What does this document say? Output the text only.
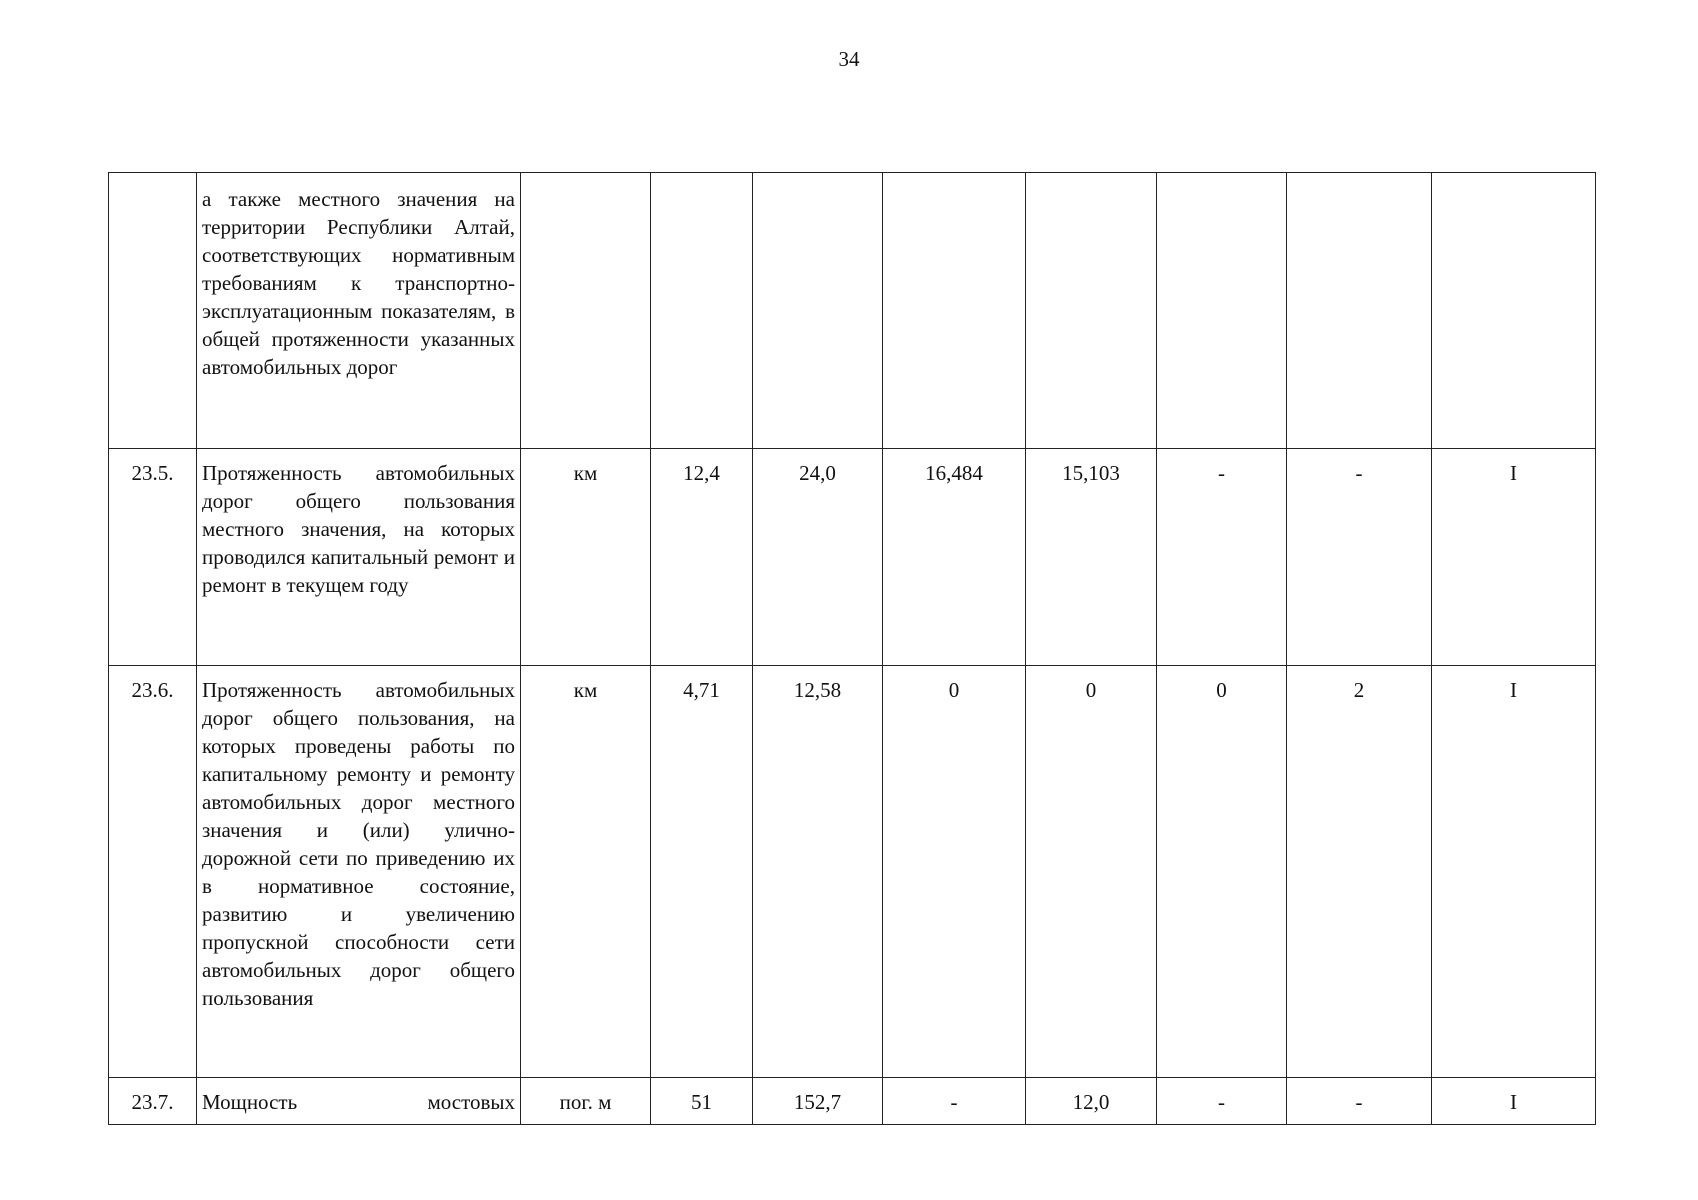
34
	а также местного значения на территории Республики Алтай, соответствующих нормативным требованиям к транспортно-эксплуатационным показателям, в общей протяженности указанных автомобильных дорог								
23.5.	Протяженность автомобильных дорог общего пользования местного значения, на которых проводился капитальный ремонт и ремонт в текущем году	км	12,4	24,0	16,484	15,103	-	-	I
23.6.	Протяженность автомобильных дорог общего пользования, на которых проведены работы по капитальному ремонту и ремонту автомобильных дорог местного значения и (или) улично-дорожной сети по приведению их в нормативное состояние, развитию и увеличению пропускной способности сети автомобильных дорог общего пользования	км	4,71	12,58	0	0	0	2	I
23.7.	Мощность мостовых	пог. м	51	152,7	-	12,0	-	-	I
